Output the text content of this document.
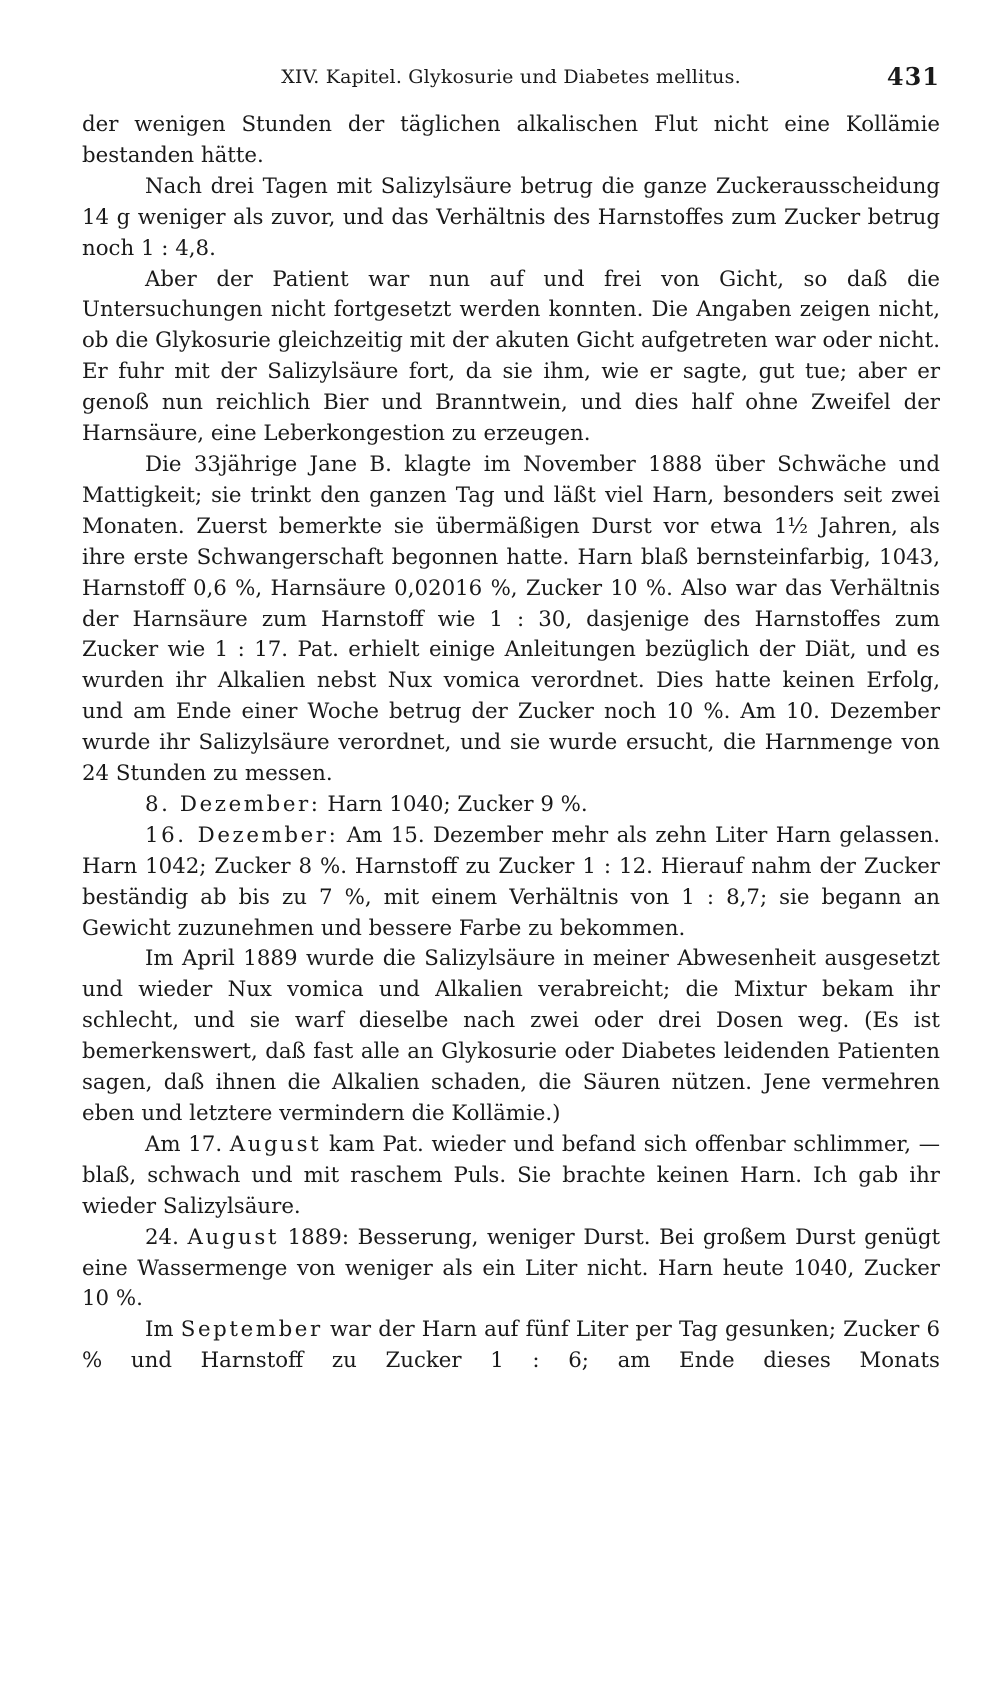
XIV. Kapitel. Glykosurie und Diabetes mellitus.	431

der wenigen Stunden der täglichen alkalischen Flut nicht eine Kollämie bestanden hätte.

Nach drei Tagen mit Salizylsäure betrug die ganze Zuckerausscheidung 14 g weniger als zuvor, und das Verhältnis des Harnstoffes zum Zucker betrug noch 1 : 4,8.

Aber der Patient war nun auf und frei von Gicht, so daß die Untersuchungen nicht fortgesetzt werden konnten. Die Angaben zeigen nicht, ob die Glykosurie gleichzeitig mit der akuten Gicht aufgetreten war oder nicht. Er fuhr mit der Salizylsäure fort, da sie ihm, wie er sagte, gut tue; aber er genoß nun reichlich Bier und Branntwein, und dies half ohne Zweifel der Harnsäure, eine Leberkongestion zu erzeugen.

Die 33jährige Jane B. klagte im November 1888 über Schwäche und Mattigkeit; sie trinkt den ganzen Tag und läßt viel Harn, besonders seit zwei Monaten. Zuerst bemerkte sie übermäßigen Durst vor etwa 1½ Jahren, als ihre erste Schwangerschaft begonnen hatte. Harn blaß bernsteinfarbig, 1043, Harnstoff 0,6 %, Harnsäure 0,02016 %, Zucker 10 %. Also war das Verhältnis der Harnsäure zum Harnstoff wie 1 : 30, dasjenige des Harnstoffes zum Zucker wie 1 : 17. Pat. erhielt einige Anleitungen bezüglich der Diät, und es wurden ihr Alkalien nebst Nux vomica verordnet. Dies hatte keinen Erfolg, und am Ende einer Woche betrug der Zucker noch 10 %. Am 10. Dezember wurde ihr Salizylsäure verordnet, und sie wurde ersucht, die Harnmenge von 24 Stunden zu messen.

8. Dezember: Harn 1040; Zucker 9 %.

16. Dezember: Am 15. Dezember mehr als zehn Liter Harn gelassen. Harn 1042; Zucker 8 %. Harnstoff zu Zucker 1 : 12. Hierauf nahm der Zucker beständig ab bis zu 7 %, mit einem Verhältnis von 1 : 8,7; sie begann an Gewicht zuzunehmen und bessere Farbe zu bekommen.

Im April 1889 wurde die Salizylsäure in meiner Abwesenheit ausgesetzt und wieder Nux vomica und Alkalien verabreicht; die Mixtur bekam ihr schlecht, und sie warf dieselbe nach zwei oder drei Dosen weg. (Es ist bemerkenswert, daß fast alle an Glykosurie oder Diabetes leidenden Patienten sagen, daß ihnen die Alkalien schaden, die Säuren nützen. Jene vermehren eben und letztere vermindern die Kollämie.)

Am 17. August kam Pat. wieder und befand sich offenbar schlimmer, — blaß, schwach und mit raschem Puls. Sie brachte keinen Harn. Ich gab ihr wieder Salizylsäure.

24. August 1889: Besserung, weniger Durst. Bei großem Durst genügt eine Wassermenge von weniger als ein Liter nicht. Harn heute 1040, Zucker 10 %.

Im September war der Harn auf fünf Liter per Tag gesunken; Zucker 6 % und Harnstoff zu Zucker 1 : 6; am Ende dieses Monats
